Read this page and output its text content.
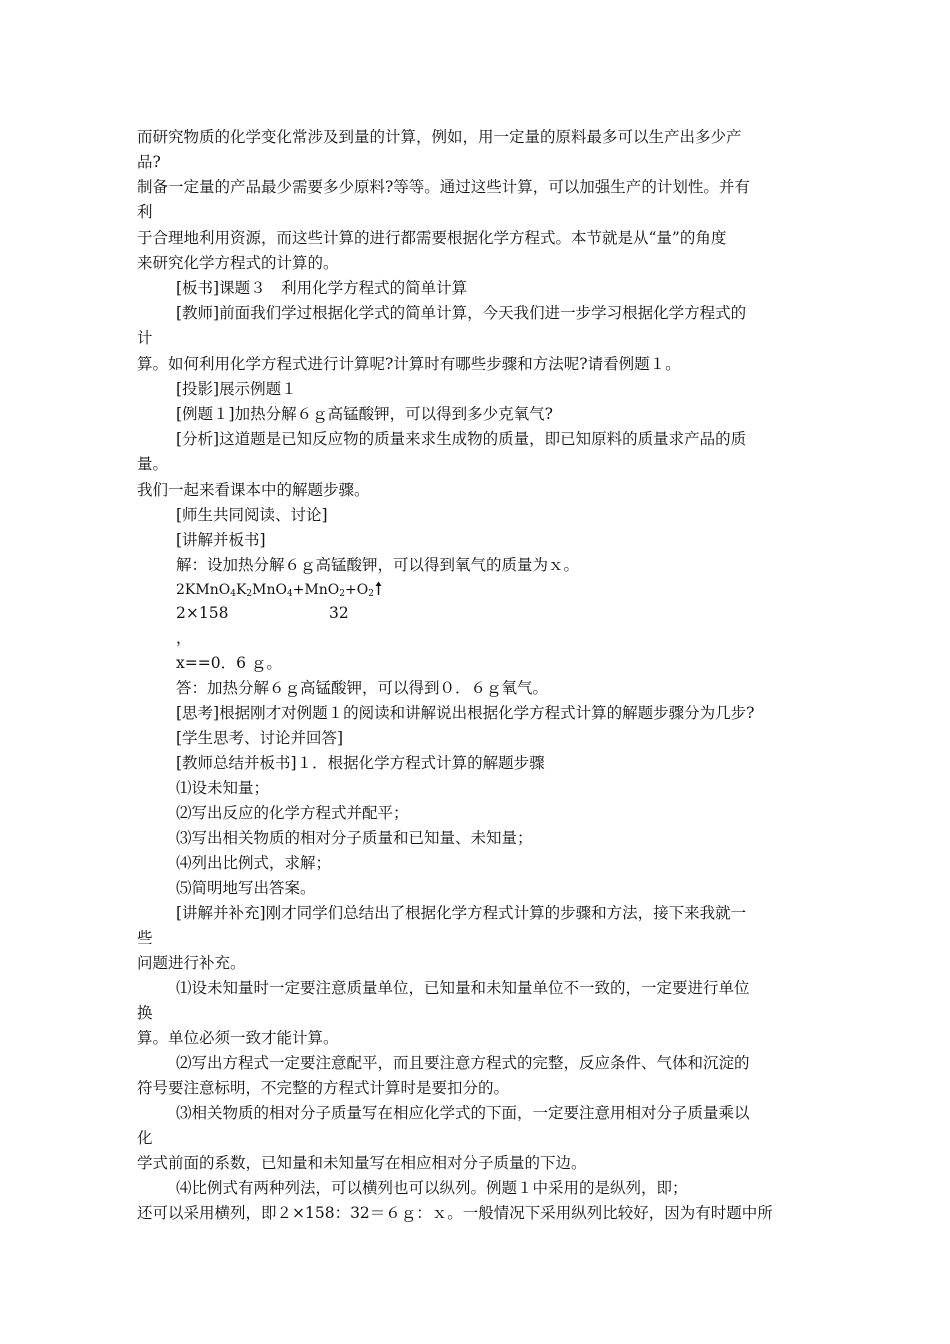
而研究物质的化学变化常涉及到量的计算，例如，用一定量的原料最多可以生产出多少产
品?
制备一定量的产品最少需要多少原料?等等。通过这些计算，可以加强生产的计划性。并有
利
于合理地利用资源，而这些计算的进行都需要根据化学方程式。本节就是从“量”的角度
来研究化学方程式的计算的。
[板书]课题３　利用化学方程式的简单计算
[教师]前面我们学过根据化学式的简单计算，今天我们进一步学习根据化学方程式的
计
算。如何利用化学方程式进行计算呢?计算时有哪些步骤和方法呢?请看例题１。
[投影]展示例题１
[例题１]加热分解６ｇ高锰酸钾，可以得到多少克氧气?
[分析]这道题是已知反应物的质量来求生成物的质量，即已知原料的质量求产品的质
量。
我们一起来看课本中的解题步骤。
[师生共同阅读、讨论]
[讲解并板书]
解：设加热分解６ｇ高锰酸钾，可以得到氧气的质量为ｘ。
$2KMnO_4K_2MnO_4+MnO_2+O_2$
2×158	32
，
x==0．6 ｇ。
答：加热分解６ｇ高锰酸钾，可以得到０．６ｇ氧气。
[思考]根据刚才对例题１的阅读和讲解说出根据化学方程式计算的解题步骤分为几步?
[学生思考、讨论并回答]
[教师总结并板书]１．根据化学方程式计算的解题步骤
⑴设未知量；
⑵写出反应的化学方程式并配平；
⑶写出相关物质的相对分子质量和已知量、未知量；
⑷列出比例式，求解；
⑸简明地写出答案。
[讲解并补充]刚才同学们总结出了根据化学方程式计算的步骤和方法，接下来我就一
些
问题进行补充。
⑴设未知量时一定要注意质量单位，已知量和未知量单位不一致的，一定要进行单位
换
算。单位必须一致才能计算。
⑵写出方程式一定要注意配平，而且要注意方程式的完整，反应条件、气体和沉淀的
符号要注意标明，不完整的方程式计算时是要扣分的。
⑶相关物质的相对分子质量写在相应化学式的下面，一定要注意用相对分子质量乘以
化
学式前面的系数，已知量和未知量写在相应相对分子质量的下边。
⑷比例式有两种列法，可以横列也可以纵列。例题１中采用的是纵列，即；
还可以采用横列，即２×158：32＝６ｇ：ｘ。一般情况下采用纵列比较好，因为有时题中所
